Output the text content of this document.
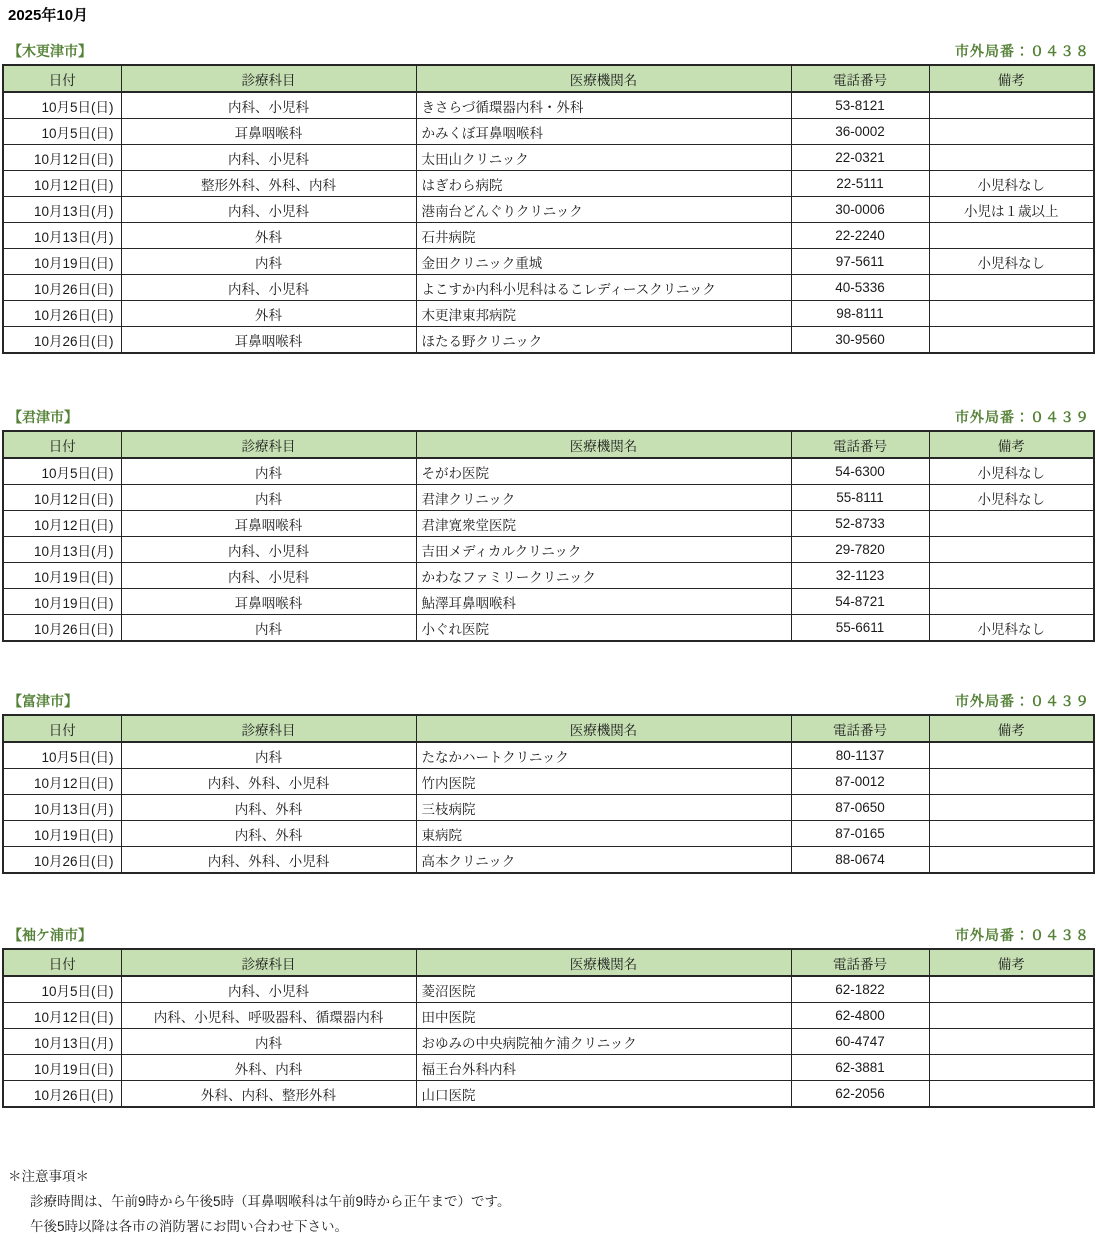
2025年10月
【木更津市】	市外局番：０４３８
日付	診療科目	医療機関名	電話番号	備考
10月5日(日)	内科、小児科	きさらづ循環器内科・外科	53-8121	
10月5日(日)	耳鼻咽喉科	かみくぼ耳鼻咽喉科	36-0002	
10月12日(日)	内科、小児科	太田山クリニック	22-0321	
10月12日(日)	整形外科、外科、内科	はぎわら病院	22-5111	小児科なし
10月13日(月)	内科、小児科	港南台どんぐりクリニック	30-0006	小児は１歳以上
10月13日(月)	外科	石井病院	22-2240	
10月19日(日)	内科	金田クリニック重城	97-5611	小児科なし
10月26日(日)	内科、小児科	よこすか内科小児科はるこレディースクリニック	40-5336	
10月26日(日)	外科	木更津東邦病院	98-8111	
10月26日(日)	耳鼻咽喉科	ほたる野クリニック	30-9560	
【君津市】	市外局番：０４３９
日付	診療科目	医療機関名	電話番号	備考
10月5日(日)	内科	そがわ医院	54-6300	小児科なし
10月12日(日)	内科	君津クリニック	55-8111	小児科なし
10月12日(日)	耳鼻咽喉科	君津寛衆堂医院	52-8733	
10月13日(月)	内科、小児科	吉田メディカルクリニック	29-7820	
10月19日(日)	内科、小児科	かわなファミリークリニック	32-1123	
10月19日(日)	耳鼻咽喉科	鮎澤耳鼻咽喉科	54-8721	
10月26日(日)	内科	小ぐれ医院	55-6611	小児科なし
【富津市】	市外局番：０４３９
日付	診療科目	医療機関名	電話番号	備考
10月5日(日)	内科	たなかハートクリニック	80-1137	
10月12日(日)	内科、外科、小児科	竹内医院	87-0012	
10月13日(月)	内科、外科	三枝病院	87-0650	
10月19日(日)	内科、外科	東病院	87-0165	
10月26日(日)	内科、外科、小児科	高本クリニック	88-0674	
【袖ケ浦市】	市外局番：０４３８
日付	診療科目	医療機関名	電話番号	備考
10月5日(日)	内科、小児科	菱沼医院	62-1822	
10月12日(日)	内科、小児科、呼吸器科、循環器内科	田中医院	62-4800	
10月13日(月)	内科	おゆみの中央病院袖ケ浦クリニック	60-4747	
10月19日(日)	外科、内科	福王台外科内科	62-3881	
10月26日(日)	外科、内科、整形外科	山口医院	62-2056	
＊注意事項＊
診療時間は、午前9時から午後5時（耳鼻咽喉科は午前9時から正午まで）です。
午後5時以降は各市の消防署にお問い合わせ下さい。
